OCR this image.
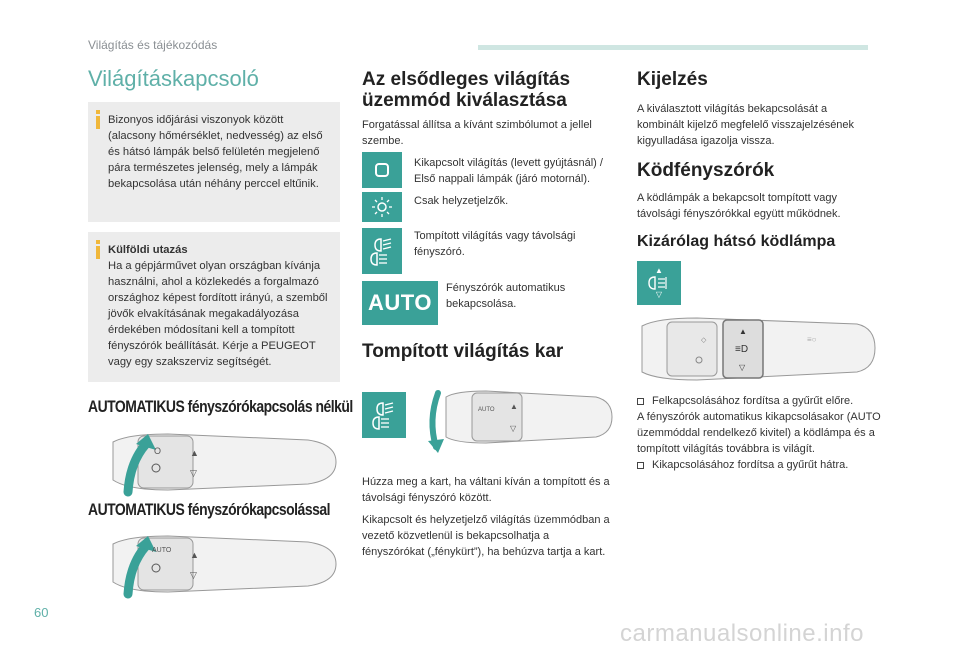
Világítás és tájékozódás
Világításkapcsoló
Bizonyos időjárási viszonyok között (alacsony hőmérséklet, nedvesség) az első és hátsó lámpák belső felületén megjelenő pára természetes jelenség, mely a lámpák bekapcsolása után néhány perccel eltűnik.
Külföldi utazás
Ha a gépjárművet olyan országban kívánja használni, ahol a közlekedés a forgalmazó országhoz képest fordított irányú, a szemből jövők elvakításának megakadályozása érdekében módosítani kell a tompított fényszórók beállítását. Kérje a PEUGEOT vagy egy szakszerviz segítségét.
AUTOMATIKUS fényszórókapcsolás nélkül
O	▲
▽
AUTOMATIKUS fényszórókapcsolással
AUTO ▲
▽
Az elsődleges világítás üzemmód kiválasztása
Forgatással állítsa a kívánt szimbólumot a jellel szembe.
Kikapcsolt világítás (levett gyújtásnál) / Első nappali lámpák (járó motornál).
Csak helyzetjelzők.
Tompított világítás vagy távolsági fényszóró.
AUTO
Fényszórók automatikus bekapcsolása.
Tompított világítás kar
AUTO ▲
▽
Húzza meg a kart, ha váltani kíván a tompított és a távolsági fényszóró között.
Kikapcsolt és helyzetjelző világítás üzemmódban a vezető közvetlenül is bekapcsolhatja a fényszórókat („fénykürt”), ha behúzva tartja a kart.
Kijelzés
A kiválasztott világítás bekapcsolását a kombinált kijelző megfelelő visszajelzésének kigyulladása igazolja vissza.
Ködfényszórók
A ködlámpák a bekapcsolt tompított vagy távolsági fényszórókkal együtt működnek.
Kizárólag hátsó ködlámpa
▲
▽
▲
≡D
▽
◇	≡○
Felkapcsolásához fordítsa a gyűrűt előre.
A fényszórók automatikus kikapcsolásakor (AUTO üzemmóddal rendelkező kivitel) a ködlámpa és a tompított világítás továbbra is világít.
Kikapcsolásához fordítsa a gyűrűt hátra.
60
carmanualsonline.info
